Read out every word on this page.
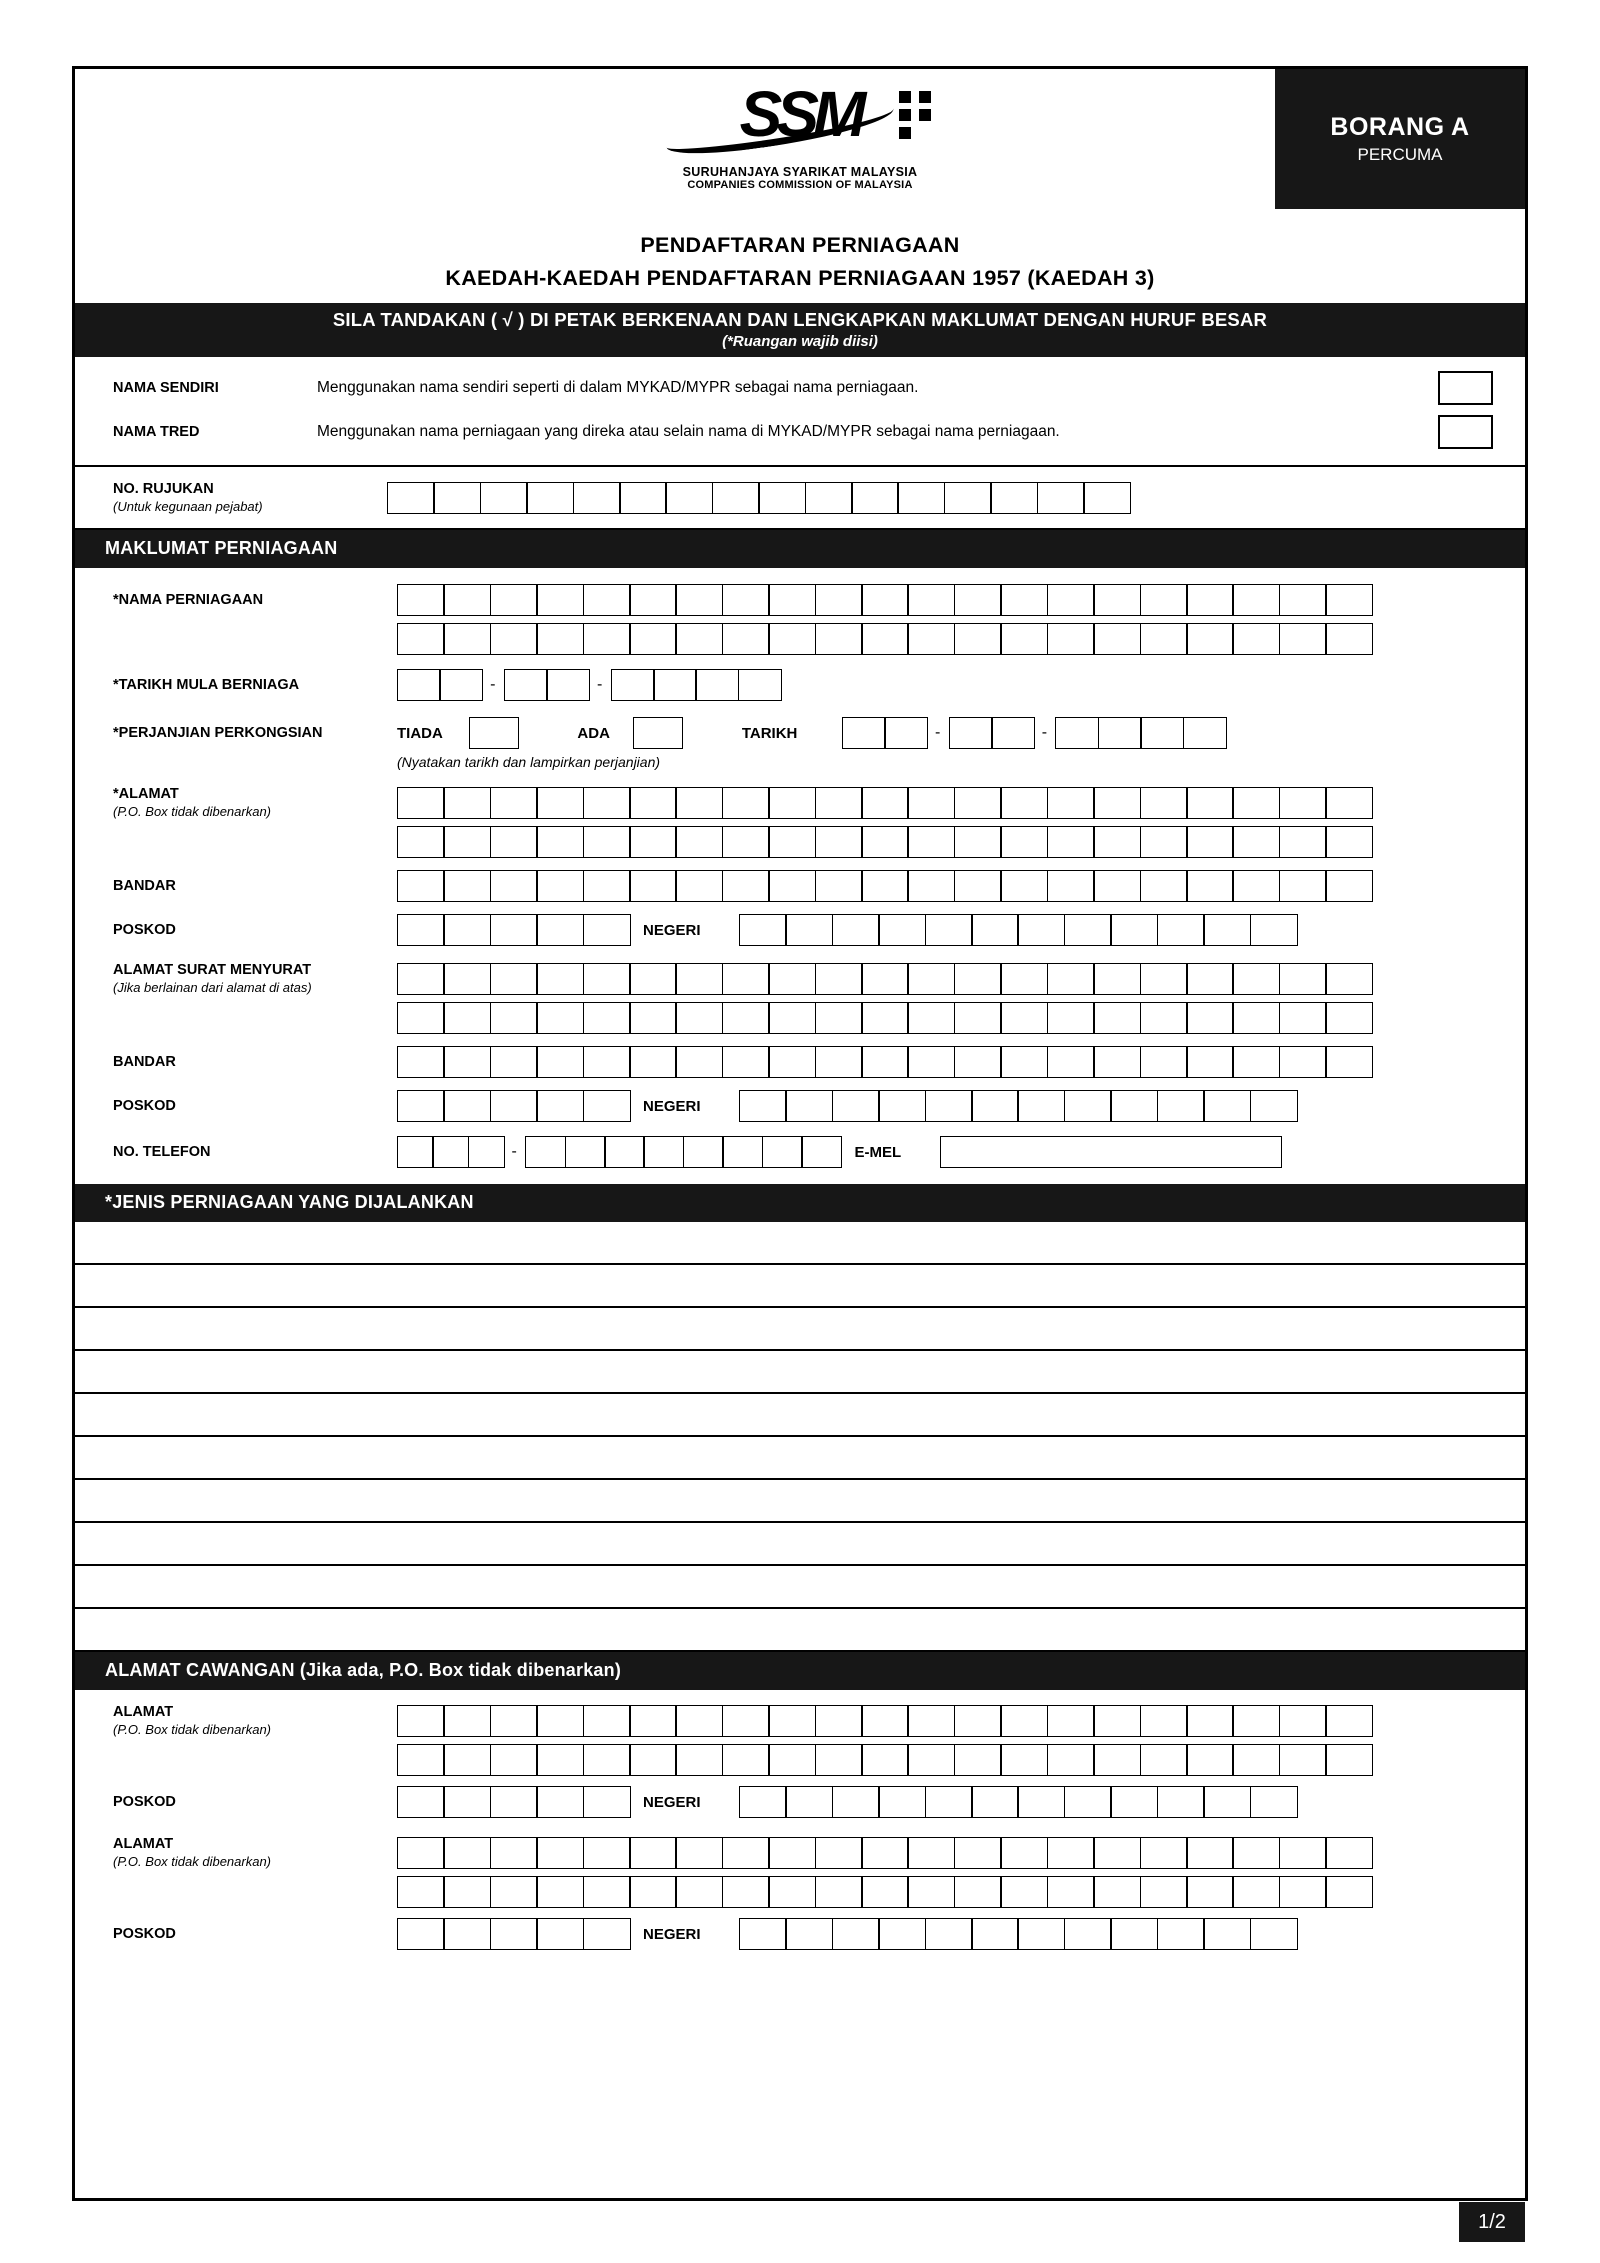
SSM
SURUHANJAYA SYARIKAT MALAYSIA
COMPANIES COMMISSION OF MALAYSIA
BORANG A
PERCUMA
PENDAFTARAN PERNIAGAAN
KAEDAH-KAEDAH PENDAFTARAN PERNIAGAAN 1957 (KAEDAH 3)
SILA TANDAKAN ( √ ) DI PETAK BERKENAAN DAN LENGKAPKAN MAKLUMAT DENGAN HURUF BESAR
(*Ruangan wajib diisi)
NAMA SENDIRI	Menggunakan nama sendiri seperti di dalam MYKAD/MYPR sebagai nama perniagaan.
NAMA TRED	Menggunakan nama perniagaan yang direka atau selain nama di MYKAD/MYPR sebagai nama perniagaan.
NO. RUJUKAN
(Untuk kegunaan pejabat)
MAKLUMAT PERNIAGAAN
*NAMA PERNIAGAAN
*TARIKH MULA BERNIAGA	-	-
*PERJANJIAN PERKONGSIAN	TIADA	ADA	TARIKH	-	-
(Nyatakan tarikh dan lampirkan perjanjian)
*ALAMAT
(P.O. Box tidak dibenarkan)
BANDAR
POSKOD	NEGERI
ALAMAT SURAT MENYURAT
(Jika berlainan dari alamat di atas)
BANDAR
POSKOD	NEGERI
NO. TELEFON	-	E-MEL
*JENIS PERNIAGAAN YANG DIJALANKAN
ALAMAT CAWANGAN (Jika ada, P.O. Box tidak dibenarkan)
ALAMAT
(P.O. Box tidak dibenarkan)
POSKOD	NEGERI
ALAMAT
(P.O. Box tidak dibenarkan)
POSKOD	NEGERI
1/2
